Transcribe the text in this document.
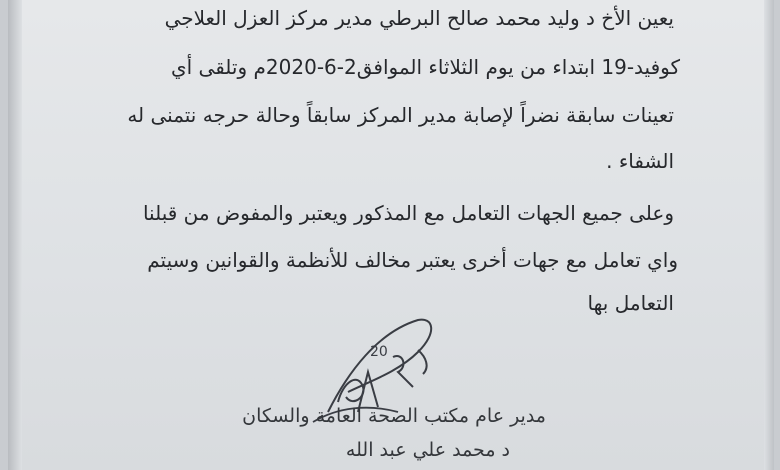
يعين الأخ د وليد محمد صالح البرطي مدير مركز العزل العلاجي

كوفيد-19 ابتداء من يوم الثلاثاء الموافق2-6-2020م وتلقى أي

تعينات سابقة نضراً لإصابة مدير المركز سابقاً وحالة حرجه نتمنى له

الشفاء .

وعلى جميع الجهات التعامل مع المذكور ويعتبر والمفوض من قبلنا

واي تعامل مع جهات أخرى يعتبر مخالف للأنظمة والقوانين وسيتم

التعامل بها

20

مدير عام مكتب الصحة العامة والسكان

د محمد علي عبد الله
